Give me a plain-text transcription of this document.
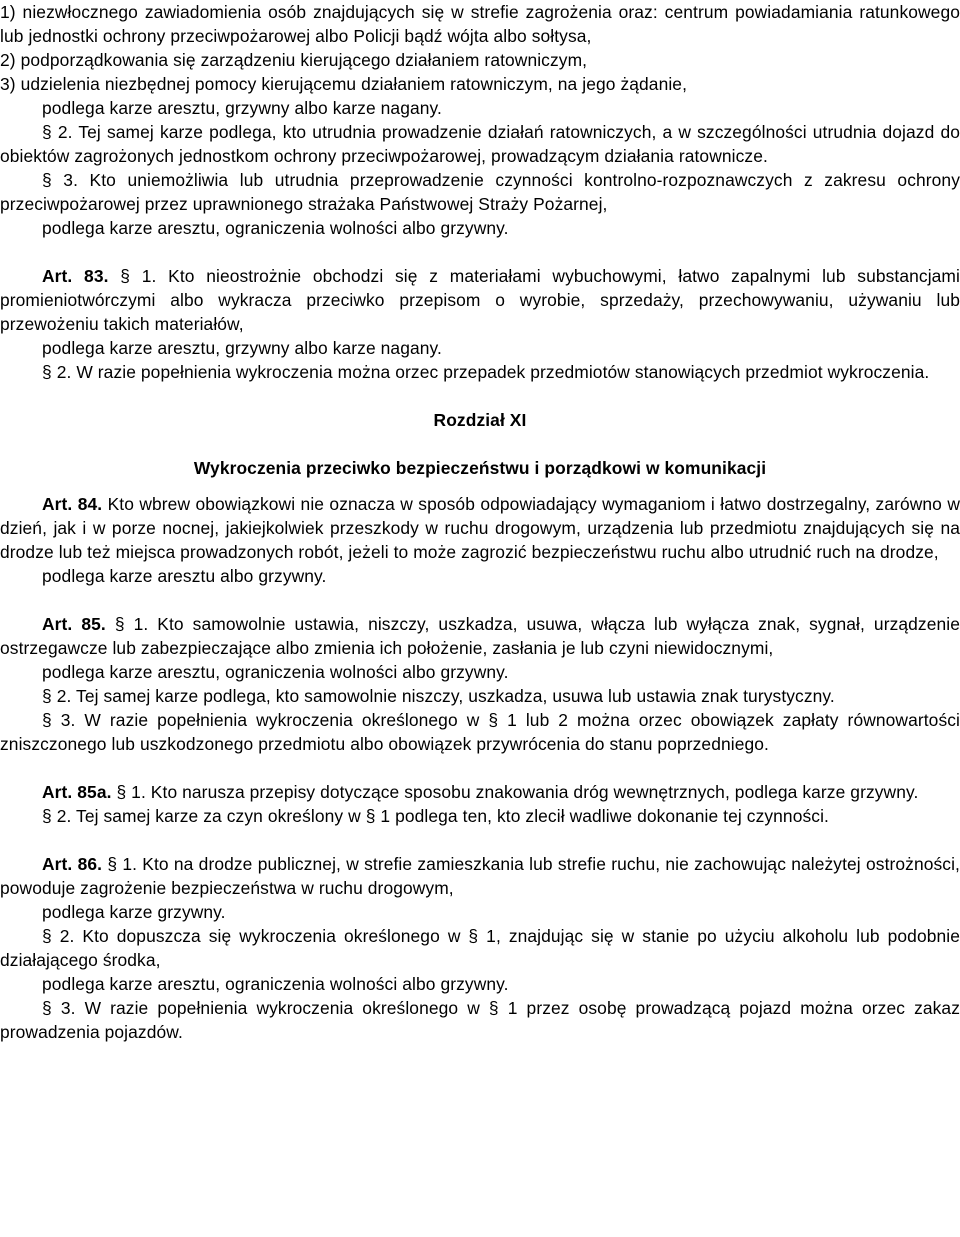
1) niezwłocznego zawiadomienia osób znajdujących się w strefie zagrożenia oraz: centrum powiadamiania ratunkowego lub jednostki ochrony przeciwpożarowej albo Policji bądź wójta albo sołtysa,

2) podporządkowania się zarządzeniu kierującego działaniem ratowniczym,

3) udzielenia niezbędnej pomocy kierującemu działaniem ratowniczym, na jego żądanie,

podlega karze aresztu, grzywny albo karze nagany.

§ 2. Tej samej karze podlega, kto utrudnia prowadzenie działań ratowniczych, a w szczególności utrudnia dojazd do obiektów zagrożonych jednostkom ochrony przeciwpożarowej, prowadzącym działania ratownicze.

§ 3. Kto uniemożliwia lub utrudnia przeprowadzenie czynności kontrolno-rozpoznawczych z zakresu ochrony przeciwpożarowej przez uprawnionego strażaka Państwowej Straży Pożarnej,

podlega karze aresztu, ograniczenia wolności albo grzywny.

Art. 83. § 1. Kto nieostrożnie obchodzi się z materiałami wybuchowymi, łatwo zapalnymi lub substancjami promieniotwórczymi albo wykracza przeciwko przepisom o wyrobie, sprzedaży, przechowywaniu, używaniu lub przewożeniu takich materiałów,

podlega karze aresztu, grzywny albo karze nagany.

§ 2. W razie popełnienia wykroczenia można orzec przepadek przedmiotów stanowiących przedmiot wykroczenia.

Rozdział XI

Wykroczenia przeciwko bezpieczeństwu i porządkowi w komunikacji

Art. 84. Kto wbrew obowiązkowi nie oznacza w sposób odpowiadający wymaganiom i łatwo dostrzegalny, zarówno w dzień, jak i w porze nocnej, jakiejkolwiek przeszkody w ruchu drogowym, urządzenia lub przedmiotu znajdujących się na drodze lub też miejsca prowadzonych robót, jeżeli to może zagrozić bezpieczeństwu ruchu albo utrudnić ruch na drodze,

podlega karze aresztu albo grzywny.

Art. 85. § 1. Kto samowolnie ustawia, niszczy, uszkadza, usuwa, włącza lub wyłącza znak, sygnał, urządzenie ostrzegawcze lub zabezpieczające albo zmienia ich położenie, zasłania je lub czyni niewidocznymi,

podlega karze aresztu, ograniczenia wolności albo grzywny.

§ 2. Tej samej karze podlega, kto samowolnie niszczy, uszkadza, usuwa lub ustawia znak turystyczny.

§ 3. W razie popełnienia wykroczenia określonego w § 1 lub 2 można orzec obowiązek zapłaty równowartości zniszczonego lub uszkodzonego przedmiotu albo obowiązek przywrócenia do stanu poprzedniego.

Art. 85a. § 1. Kto narusza przepisy dotyczące sposobu znakowania dróg wewnętrznych, podlega karze grzywny.

§ 2. Tej samej karze za czyn określony w § 1 podlega ten, kto zlecił wadliwe dokonanie tej czynności.

Art. 86. § 1. Kto na drodze publicznej, w strefie zamieszkania lub strefie ruchu, nie zachowując należytej ostrożności, powoduje zagrożenie bezpieczeństwa w ruchu drogowym,

podlega karze grzywny.

§ 2. Kto dopuszcza się wykroczenia określonego w § 1, znajdując się w stanie po użyciu alkoholu lub podobnie działającego środka,

podlega karze aresztu, ograniczenia wolności albo grzywny.

§ 3. W razie popełnienia wykroczenia określonego w § 1 przez osobę prowadzącą pojazd można orzec zakaz prowadzenia pojazdów.
